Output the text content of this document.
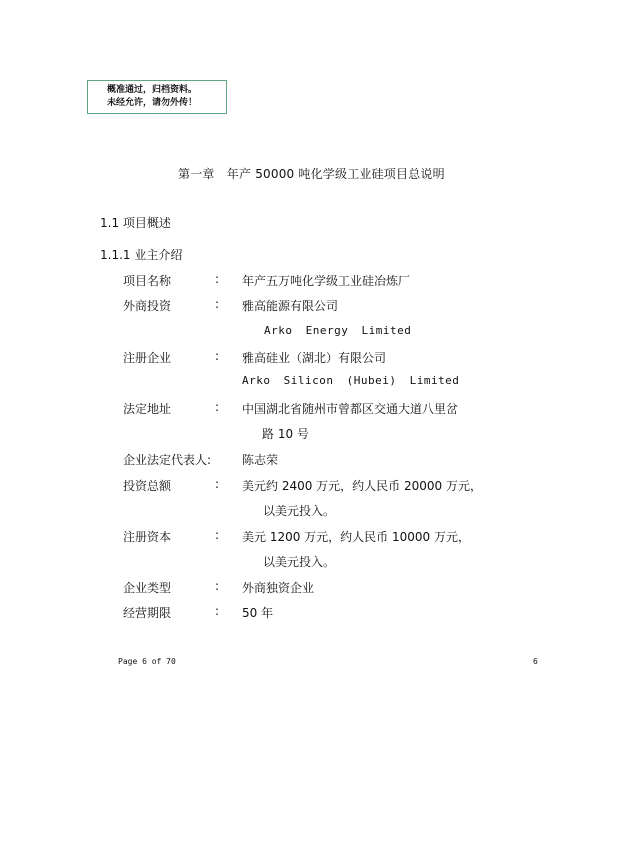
概准通过，归档资料。
未经允许，请勿外传！
第一章　年产 50000 吨化学级工业硅项目总说明
1.1 项目概述
1.1.1 业主介绍
项目名称	: 年产五万吨化学级工业硅冶炼厂
外商投资	: 雅高能源有限公司
Arko Energy Limited
注册企业	: 雅高硅业（湖北）有限公司
Arko Silicon (Hubei) Limited
法定地址	: 中国湖北省随州市曾都区交通大道八里岔
路 10 号
企业法定代表人:	陈志荣
投资总额	: 美元约 2400 万元，约人民币 20000 万元，
以美元投入。
注册资本	: 美元 1200 万元，约人民币 10000 万元，
以美元投入。
企业类型	: 外商独资企业
经营期限	: 50 年
Page 6 of 70	6
